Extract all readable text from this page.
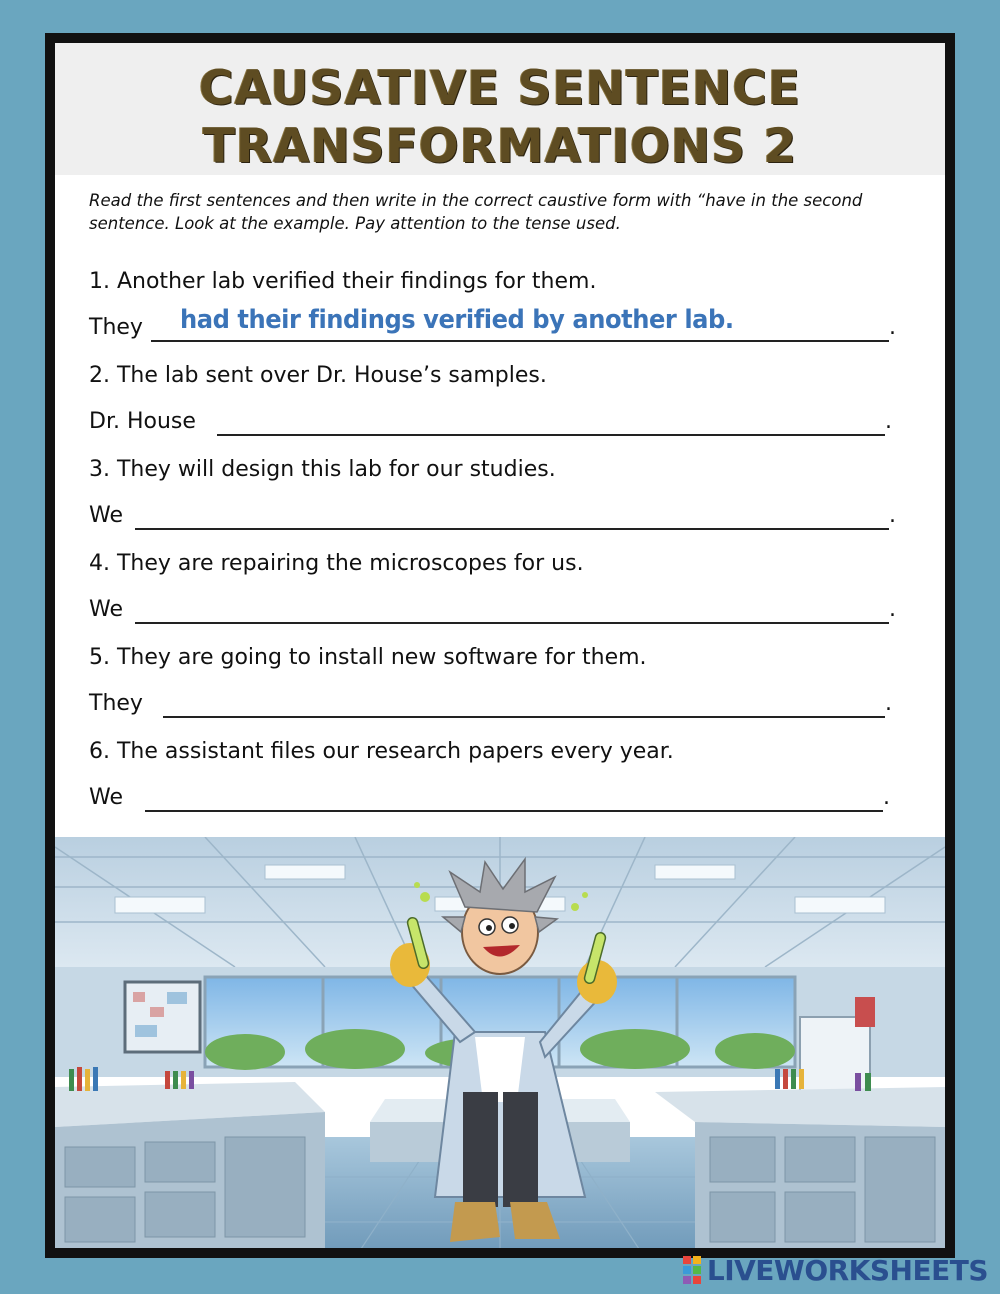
CAUSATIVE SENTENCE
TRANSFORMATIONS 2
Read the first sentences and then write in the correct caustive form with “have in the second sentence. Look at the example. Pay attention to the tense used.
1. Another lab verified their findings for them.
They	.
had their findings verified by another lab.
2. The lab sent over Dr. House’s samples.
Dr. House	.
3. They will design this lab for our studies.
We	.
4. They are repairing the microscopes for us.
We	.
5. They are going to install new software for them.
They	.
6. The assistant files our research papers every year.
We	.
LIVEWORKSHEETS
